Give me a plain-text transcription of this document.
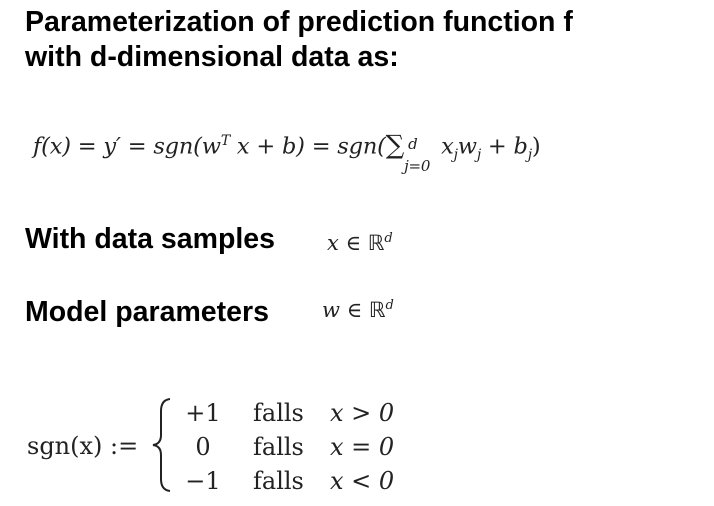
Parameterization of prediction function f
with d-dimensional data as:
$f(x) = y' = sgn(w^T$ x + b) = sgn(∑ d
j=0
$x_jw_j + b_j$)
With data samples x ∈ ℝ$^d$
Model parameters	w ∈ ℝ$^d$
sgn(x) :=
+1 falls x > 0
0	falls x = 0
−1 falls x < 0
